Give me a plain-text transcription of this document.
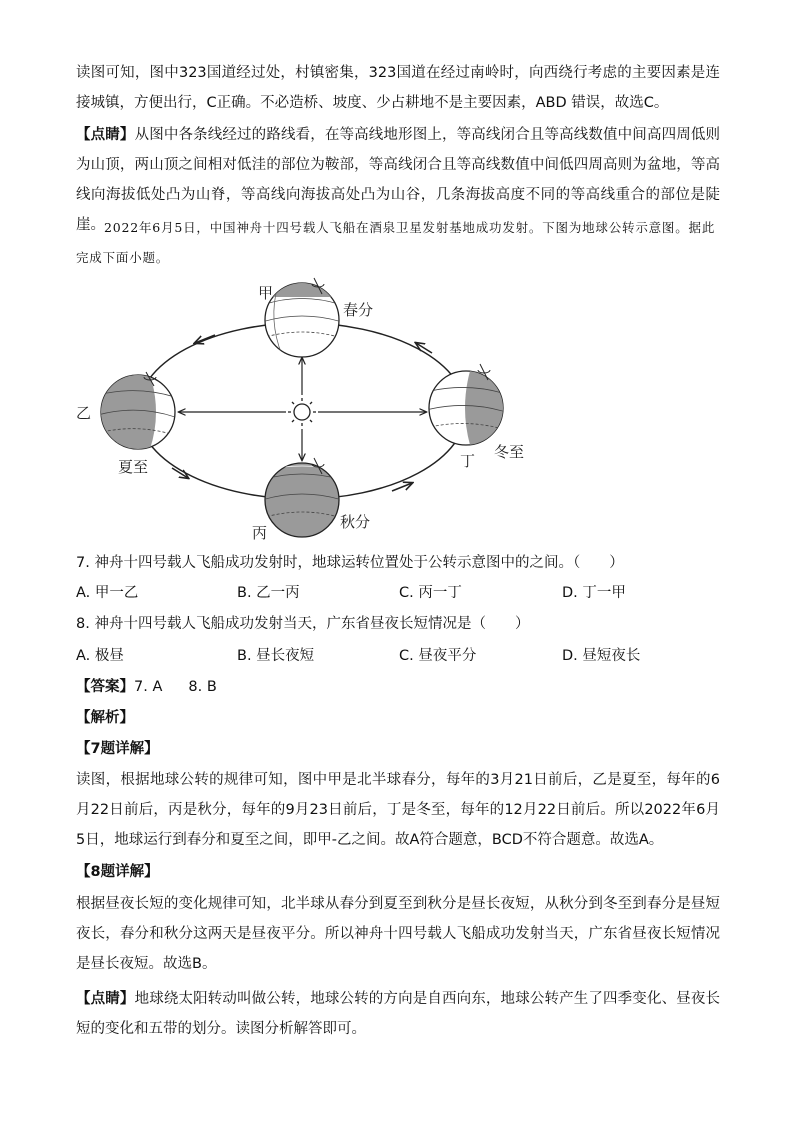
读图可知，图中323国道经过处，村镇密集，323国道在经过南岭时，向西绕行考虑的主要因素是连接城镇，方便出行，C正确。不必造桥、坡度、少占耕地不是主要因素，ABD 错误，故选C。
【点睛】从图中各条线经过的路线看，在等高线地形图上，等高线闭合且等高线数值中间高四周低则为山顶，两山顶之间相对低洼的部位为鞍部，等高线闭合且等高线数值中间低四周高则为盆地，等高线向海拔低处凸为山脊，等高线向海拔高处凸为山谷，几条海拔高度不同的等高线重合的部位是陡崖。 2022年6月5日，中国神舟十四号载人飞船在酒泉卫星发射基地成功发射。下图为地球公转示意图。据此完成下面小题。
甲
春分
乙
夏至
丙
秋分
丁 冬至
7. 神舟十四号载人飞船成功发射时，地球运转位置处于公转示意图中的之间。（　　）
A. 甲一乙	B. 乙一丙	C. 丙一丁	D. 丁一甲
8. 神舟十四号载人飞船成功发射当天，广东省昼夜长短情况是（　　）
A. 极昼	B. 昼长夜短	C. 昼夜平分	D. 昼短夜长
【答案】7. A 8. B
【解析】
【7题详解】
读图，根据地球公转的规律可知，图中甲是北半球春分，每年的3月21日前后，乙是夏至，每年的6月22日前后，丙是秋分，每年的9月23日前后，丁是冬至，每年的12月22日前后。所以2022年6月5日，地球运行到春分和夏至之间，即甲-乙之间。故A符合题意，BCD不符合题意。故选A。
【8题详解】
根据昼夜长短的变化规律可知，北半球从春分到夏至到秋分是昼长夜短，从秋分到冬至到春分是昼短夜长，春分和秋分这两天是昼夜平分。所以神舟十四号载人飞船成功发射当天，广东省昼夜长短情况是昼长夜短。故选B。
【点睛】地球绕太阳转动叫做公转，地球公转的方向是自西向东，地球公转产生了四季变化、昼夜长短的变化和五带的划分。读图分析解答即可。
